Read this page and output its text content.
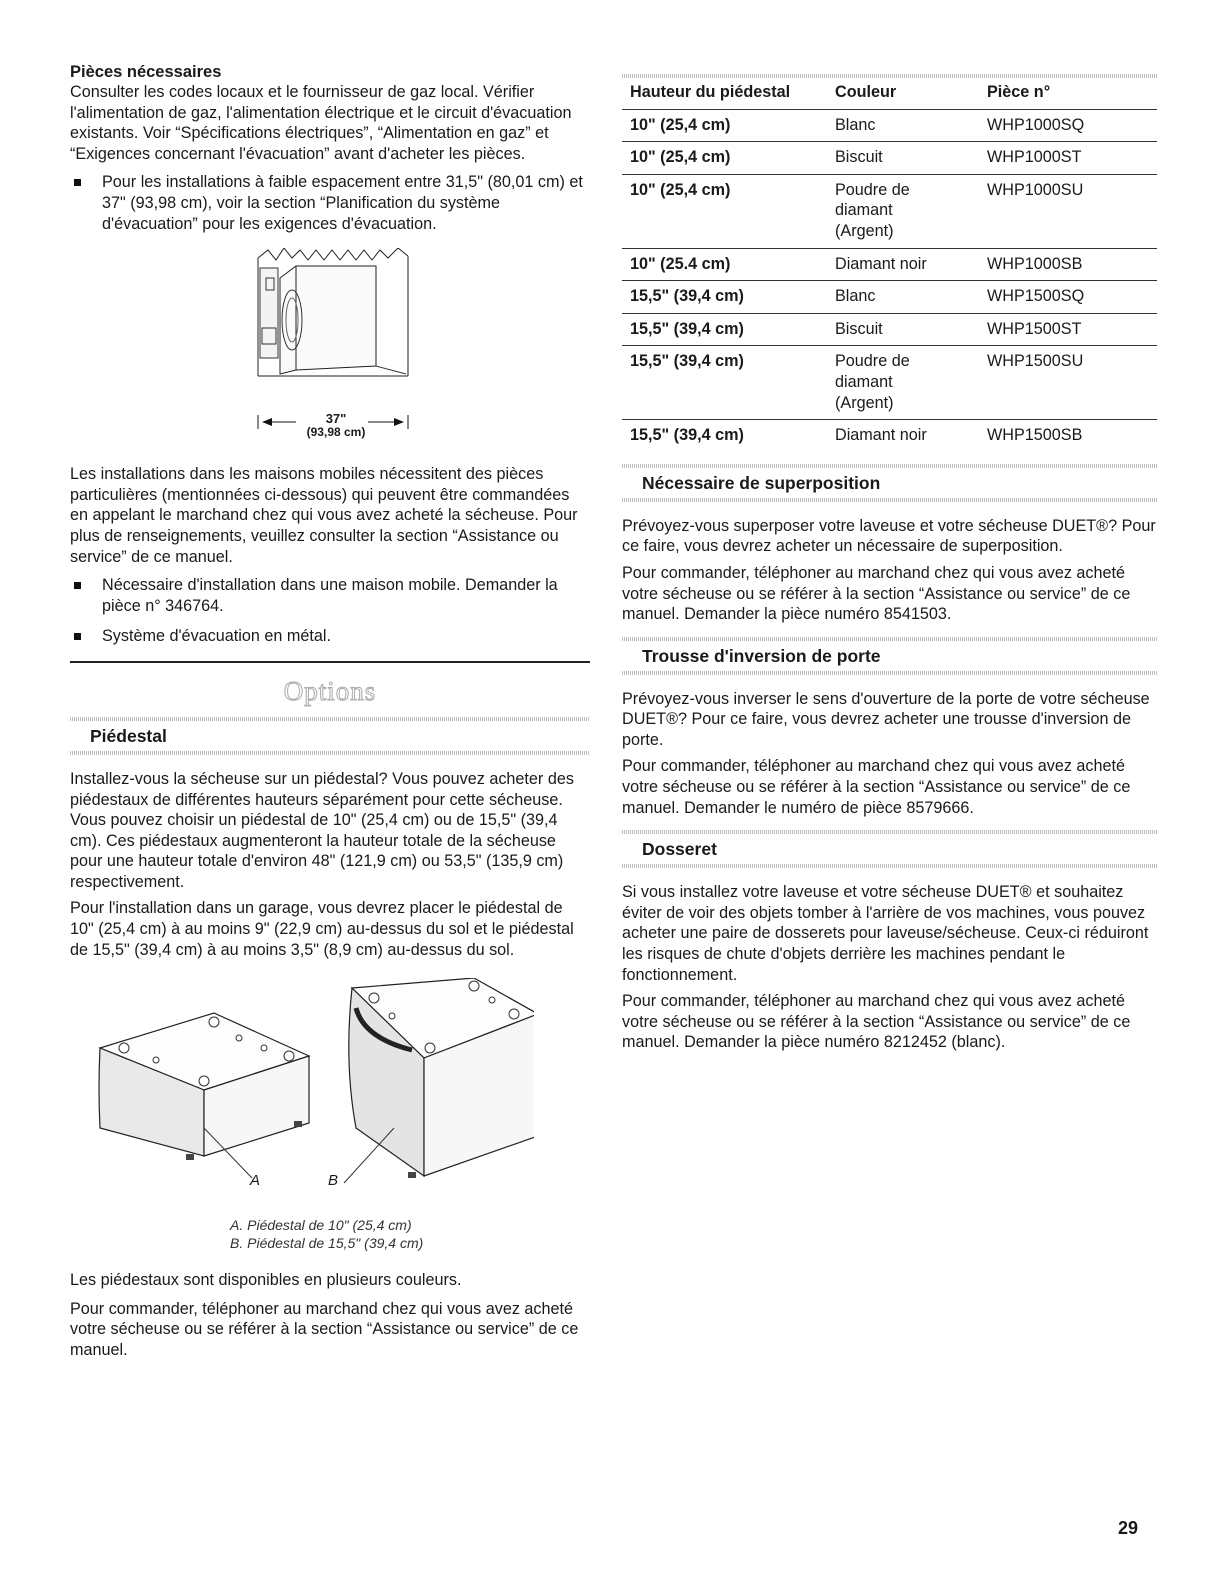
Pièces nécessaires

Consulter les codes locaux et le fournisseur de gaz local. Vérifier l'alimentation de gaz, l'alimentation électrique et le circuit d'évacuation existants. Voir “Spécifications électriques”, “Alimentation en gaz” et “Exigences concernant l'évacuation” avant d'acheter les pièces.

Pour les installations à faible espacement entre 31,5" (80,01 cm) et 37" (93,98 cm), voir la section “Planification du système d'évacuation” pour les exigences d'évacuation.
37"
(93,98 cm)

Les installations dans les maisons mobiles nécessitent des pièces particulières (mentionnées ci-dessous) qui peuvent être commandées en appelant le marchand chez qui vous avez acheté la sécheuse. Pour plus de renseignements, veuillez consulter la section “Assistance ou service” de ce manuel.

Nécessaire d'installation dans une maison mobile. Demander la pièce n° 346764.
Système d'évacuation en métal.
Options
Piédestal

Installez-vous la sécheuse sur un piédestal? Vous pouvez acheter des piédestaux de différentes hauteurs séparément pour cette sécheuse. Vous pouvez choisir un piédestal de 10" (25,4 cm) ou de 15,5" (39,4 cm). Ces piédestaux augmenteront la hauteur totale de la sécheuse pour une hauteur totale d'environ 48" (121,9 cm) ou 53,5" (135,9 cm) respectivement.

Pour l'installation dans un garage, vous devrez placer le piédestal de 10" (25,4 cm) à au moins 9" (22,9 cm) au-dessus du sol et le piédestal de 15,5" (39,4 cm) à au moins 3,5" (8,9 cm) au-dessus du sol.

A	B
A. Piédestal de 10" (25,4 cm)
B. Piédestal de 15,5" (39,4 cm)

Les piédestaux sont disponibles en plusieurs couleurs.

Pour commander, téléphoner au marchand chez qui vous avez acheté votre sécheuse ou se référer à la section “Assistance ou service” de ce manuel.

Hauteur du piédestal	Couleur	Pièce n°
10" (25,4 cm)	Blanc	WHP1000SQ
10" (25,4 cm)	Biscuit	WHP1000ST
10" (25,4 cm)	Poudre de diamant (Argent)	WHP1000SU
10" (25.4 cm)	Diamant noir	WHP1000SB
15,5" (39,4 cm)	Blanc	WHP1500SQ
15,5" (39,4 cm)	Biscuit	WHP1500ST
15,5" (39,4 cm)	Poudre de diamant (Argent)	WHP1500SU
15,5" (39,4 cm)	Diamant noir	WHP1500SB
Nécessaire de superposition

Prévoyez-vous superposer votre laveuse et votre sécheuse DUET®? Pour ce faire, vous devrez acheter un nécessaire de superposition.

Pour commander, téléphoner au marchand chez qui vous avez acheté votre sécheuse ou se référer à la section “Assistance ou service” de ce manuel. Demander la pièce numéro 8541503.

Trousse d'inversion de porte

Prévoyez-vous inverser le sens d'ouverture de la porte de votre sécheuse DUET®? Pour ce faire, vous devrez acheter une trousse d'inversion de porte.

Pour commander, téléphoner au marchand chez qui vous avez acheté votre sécheuse ou se référer à la section “Assistance ou service” de ce manuel. Demander le numéro de pièce 8579666.

Dosseret

Si vous installez votre laveuse et votre sécheuse DUET® et souhaitez éviter de voir des objets tomber à l'arrière de vos machines, vous pouvez acheter une paire de dosserets pour laveuse/sécheuse. Ceux-ci réduiront les risques de chute d'objets derrière les machines pendant le fonctionnement.

Pour commander, téléphoner au marchand chez qui vous avez acheté votre sécheuse ou se référer à la section “Assistance ou service” de ce manuel. Demander la pièce numéro 8212452 (blanc).

29
